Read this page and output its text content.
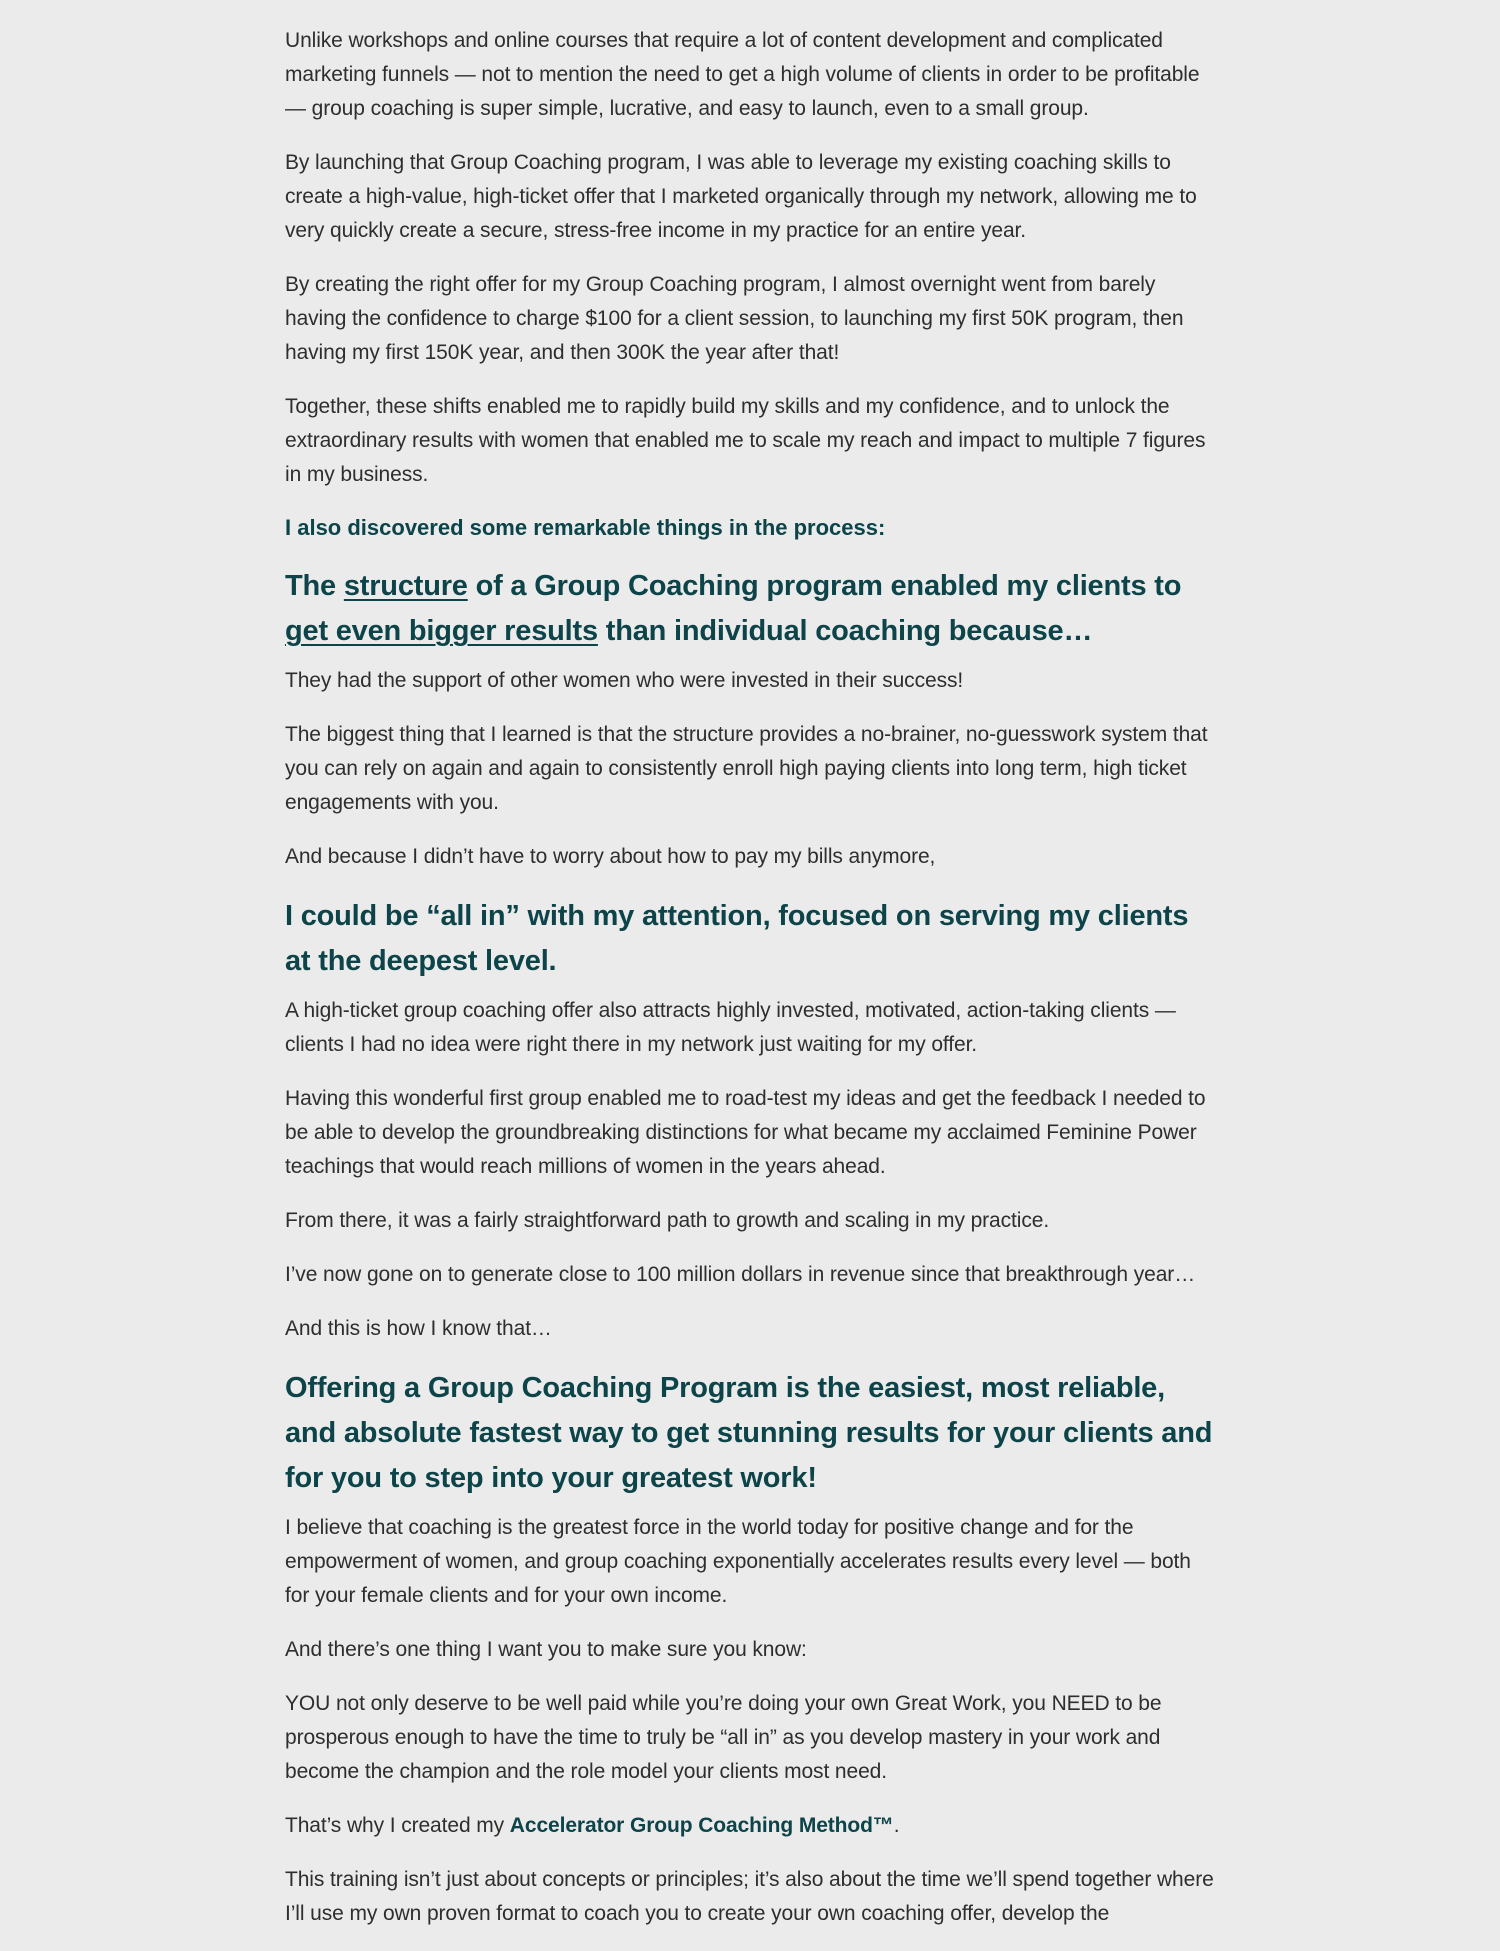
Unlike workshops and online courses that require a lot of content development and complicated marketing funnels — not to mention the need to get a high volume of clients in order to be profitable — group coaching is super simple, lucrative, and easy to launch, even to a small group.

By launching that Group Coaching program, I was able to leverage my existing coaching skills to create a high-value, high-ticket offer that I marketed organically through my network, allowing me to very quickly create a secure, stress-free income in my practice for an entire year.

By creating the right offer for my Group Coaching program, I almost overnight went from barely having the confidence to charge $100 for a client session, to launching my first 50K program, then having my first 150K year, and then 300K the year after that!

Together, these shifts enabled me to rapidly build my skills and my confidence, and to unlock the extraordinary results with women that enabled me to scale my reach and impact to multiple 7 figures in my business.

I also discovered some remarkable things in the process:

The structure of a Group Coaching program enabled my clients to get even bigger results than individual coaching because…

They had the support of other women who were invested in their success!

The biggest thing that I learned is that the structure provides a no-brainer, no-guesswork system that you can rely on again and again to consistently enroll high paying clients into long term, high ticket engagements with you.

And because I didn’t have to worry about how to pay my bills anymore,

I could be “all in” with my attention, focused on serving my clients at the deepest level.

A high-ticket group coaching offer also attracts highly invested, motivated, action-taking clients — clients I had no idea were right there in my network just waiting for my offer.

Having this wonderful first group enabled me to road-test my ideas and get the feedback I needed to be able to develop the groundbreaking distinctions for what became my acclaimed Feminine Power teachings that would reach millions of women in the years ahead.

From there, it was a fairly straightforward path to growth and scaling in my practice.

I’ve now gone on to generate close to 100 million dollars in revenue since that breakthrough year…

And this is how I know that…

Offering a Group Coaching Program is the easiest, most reliable, and absolute fastest way to get stunning results for your clients and for you to step into your greatest work!

I believe that coaching is the greatest force in the world today for positive change and for the empowerment of women, and group coaching exponentially accelerates results every level — both for your female clients and for your own income.

And there’s one thing I want you to make sure you know:

YOU not only deserve to be well paid while you’re doing your own Great Work, you NEED to be prosperous enough to have the time to truly be “all in” as you develop mastery in your work and become the champion and the role model your clients most need.

That’s why I created my Accelerator Group Coaching Method™.

This training isn’t just about concepts or principles; it’s also about the time we’ll spend together where I’ll use my own proven format to coach you to create your own coaching offer, develop the
